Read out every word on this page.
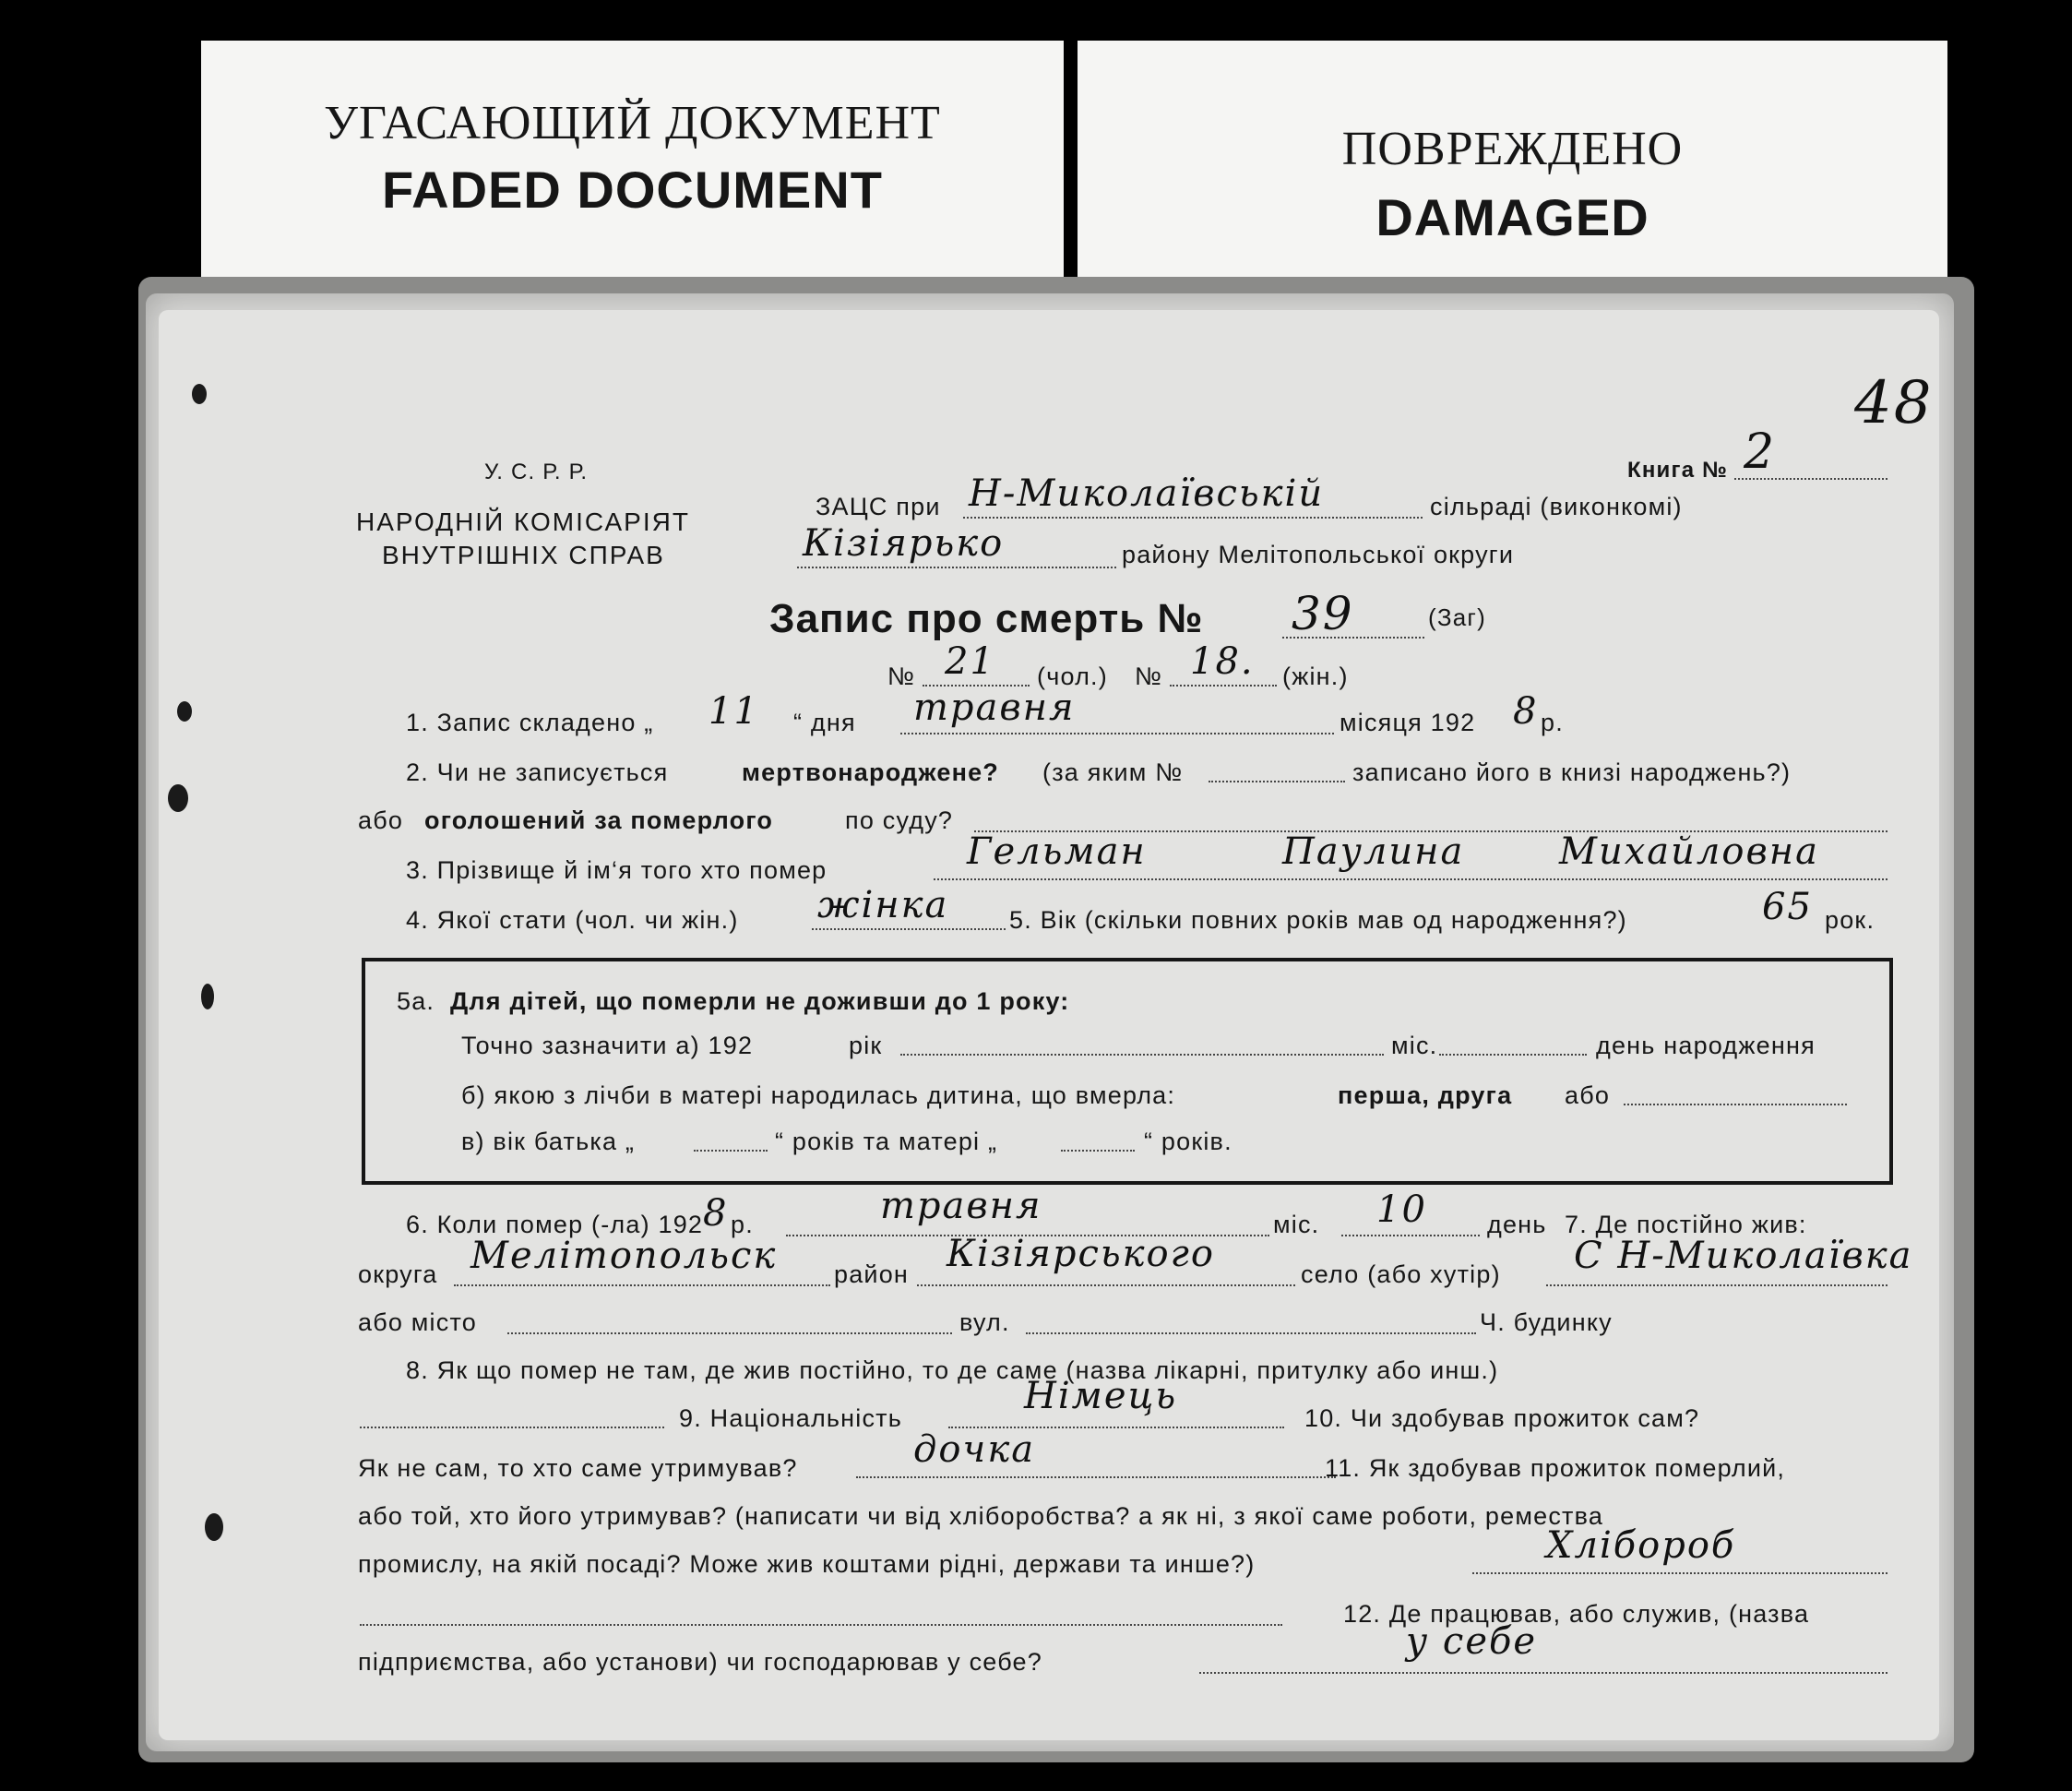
УГАСАЮЩИЙ ДОКУМЕНТ
FADED DOCUMENT
ПОВРЕЖДЕНО
DAMAGED
48
У. С. Р. Р.
НАРОДНІЙ КОМІСАРІЯТ
ВНУТРІШНІХ СПРАВ
Книга № 2
ЗАЦС при Н-Миколаївській	сільраді (виконкомі)
Кізіярько	району Мелітопольської округи
Запис про смерть № 39	(Заг)
№ 21 (чол.) № 18. (жін.)
1. Запис складено „ 11 “ дня травня	місяця 192 8 р.
2. Чи не записується	мертвонароджене? (за яким №	записано його в книзі народжень?)
або оголошений за померлого	по суду?
3. Прізвище й ім‘я того хто помер	Гельман	Паулина	Михайловна
4. Якої стати (чол. чи жін.) жінка 5. Вік (скільки повних років мав од народження?)	65 рок.
5а. Для дітей, що померли не доживши до 1 року:
Точно зазначити а) 192	рік	міс.	день народження
б) якою з лічби в матері народилась дитина, що вмерла:	перша, друга або
в) вік батька „	“ років та матері „	“ років.
6. Коли помер (-ла) 192 8 р.	травня	міс. 10 день 7. Де постійно жив:
округа Мелітопольск район Кізіярського	село (або хутір) С Н-Миколаївка
або місто	вул.	Ч. будинку
8. Як що помер не там, де жив постійно, то де саме (назва лікарні, притулку або инш.)
9. Національність
Німець
10. Чи здобував прожиток сам?
Як не сам, то хто саме утримував?	дочка	11. Як здобував прожиток померлий,
або той, хто його утримував? (написати чи від хліборобства? а як ні, з якої саме роботи, ремества
промислу, на якій посаді? Може жив коштами рідні, держави та инше?)	Хлібороб
12. Де працював, або служив, (назва
підприємства, або установи) чи господарював у себе?	у себе
